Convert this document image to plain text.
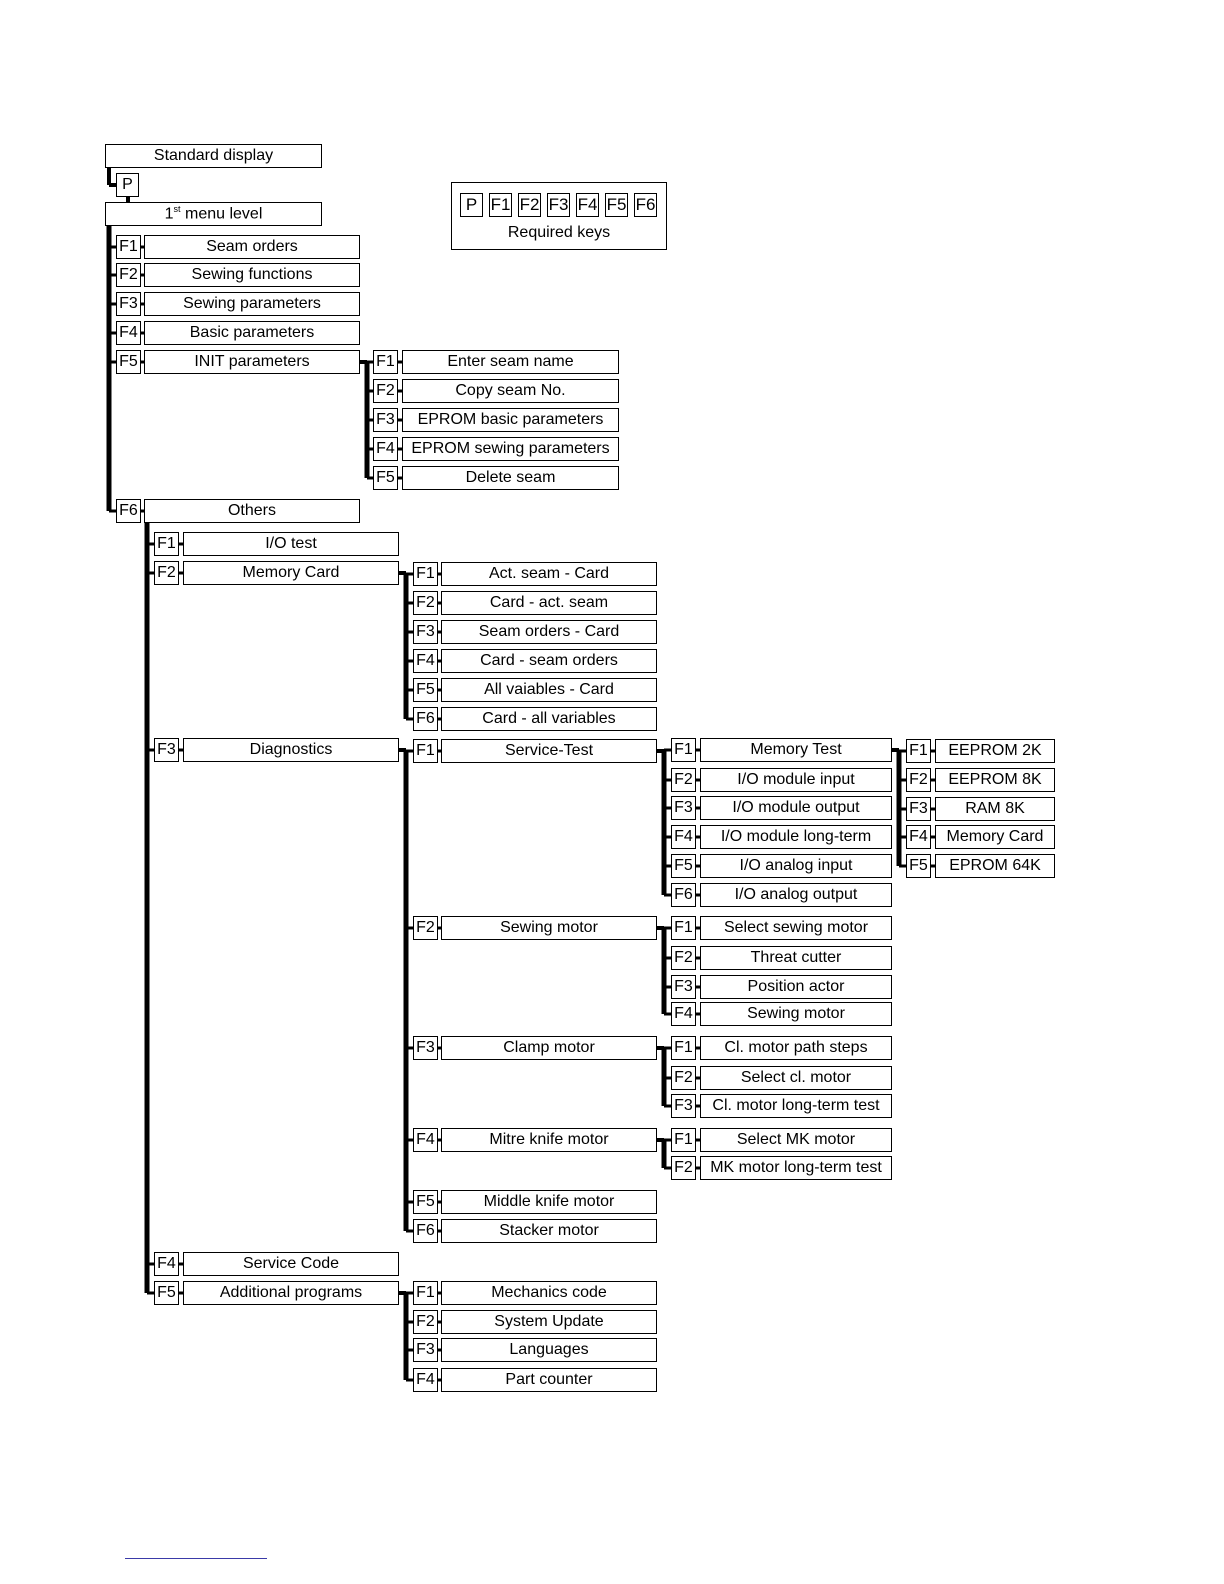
Standard display
P
1st menu level
P F1 F2 F3 F4 F5 F6
Required keys
F1	Seam orders
F2	Sewing functions
F3	Sewing parameters
F4	Basic parameters
F5	INIT parameters	F1	Enter seam name
F2	Copy seam No.
F3	EPROM basic parameters
F4	EPROM sewing parameters
F5	Delete seam
F6	Others
F1	I/O test
F2	Memory Card	F1	Act. seam - Card
F2	Card - act. seam
F3	Seam orders - Card
F4	Card - seam orders
F5	All vaiables - Card
F6	Card - all variables
F3	Diagnostics	F1	Service-Test	F1	Memory Test	F1	EEPROM 2K
F2	EEPROM 8K
F3	RAM 8K
F4	Memory Card
F5	EPROM 64K
F2	I/O module input
F3	I/O module output
F4	I/O module long-term
F5	I/O analog input
F6	I/O analog output
F2	Sewing motor	F1	Select sewing motor
F2	Threat cutter
F3	Position actor
F4	Sewing motor
F3	Clamp motor	F1	Cl. motor path steps
F2	Select cl. motor
F3	Cl. motor long-term test
F4	Mitre knife motor	F1	Select MK motor
F2	MK motor long-term test
F5	Middle knife motor
F6	Stacker motor
F4	Service Code
F5	Additional programs	F1	Mechanics code
F2	System Update
F3	Languages
F4	Part counter
